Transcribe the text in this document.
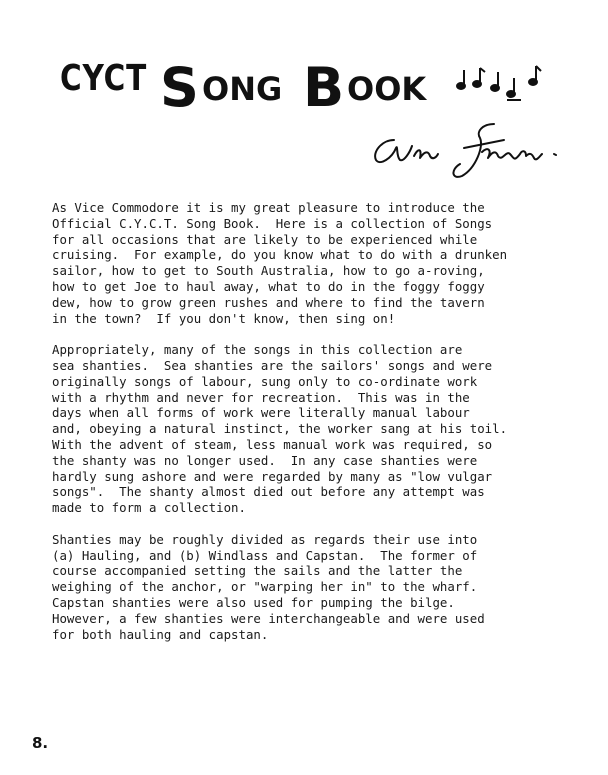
CYCT S ONG B OOK

As Vice Commodore it is my great pleasure to introduce the
Official C.Y.C.T. Song Book.  Here is a collection of Songs
for all occasions that are likely to be experienced while
cruising.  For example, do you know what to do with a drunken
sailor, how to get to South Australia, how to go a-roving,
how to get Joe to haul away, what to do in the foggy foggy
dew, how to grow green rushes and where to find the tavern
in the town?  If you don't know, then sing on!

Appropriately, many of the songs in this collection are
sea shanties.  Sea shanties are the sailors' songs and were
originally songs of labour, sung only to co-ordinate work
with a rhythm and never for recreation.  This was in the
days when all forms of work were literally manual labour
and, obeying a natural instinct, the worker sang at his toil.
With the advent of steam, less manual work was required, so
the shanty was no longer used.  In any case shanties were
hardly sung ashore and were regarded by many as "low vulgar
songs".  The shanty almost died out before any attempt was
made to form a collection.

Shanties may be roughly divided as regards their use into
(a) Hauling, and (b) Windlass and Capstan.  The former of
course accompanied setting the sails and the latter the
weighing of the anchor, or "warping her in" to the wharf.
Capstan shanties were also used for pumping the bilge.
However, a few shanties were interchangeable and were used
for both hauling and capstan.

8.
